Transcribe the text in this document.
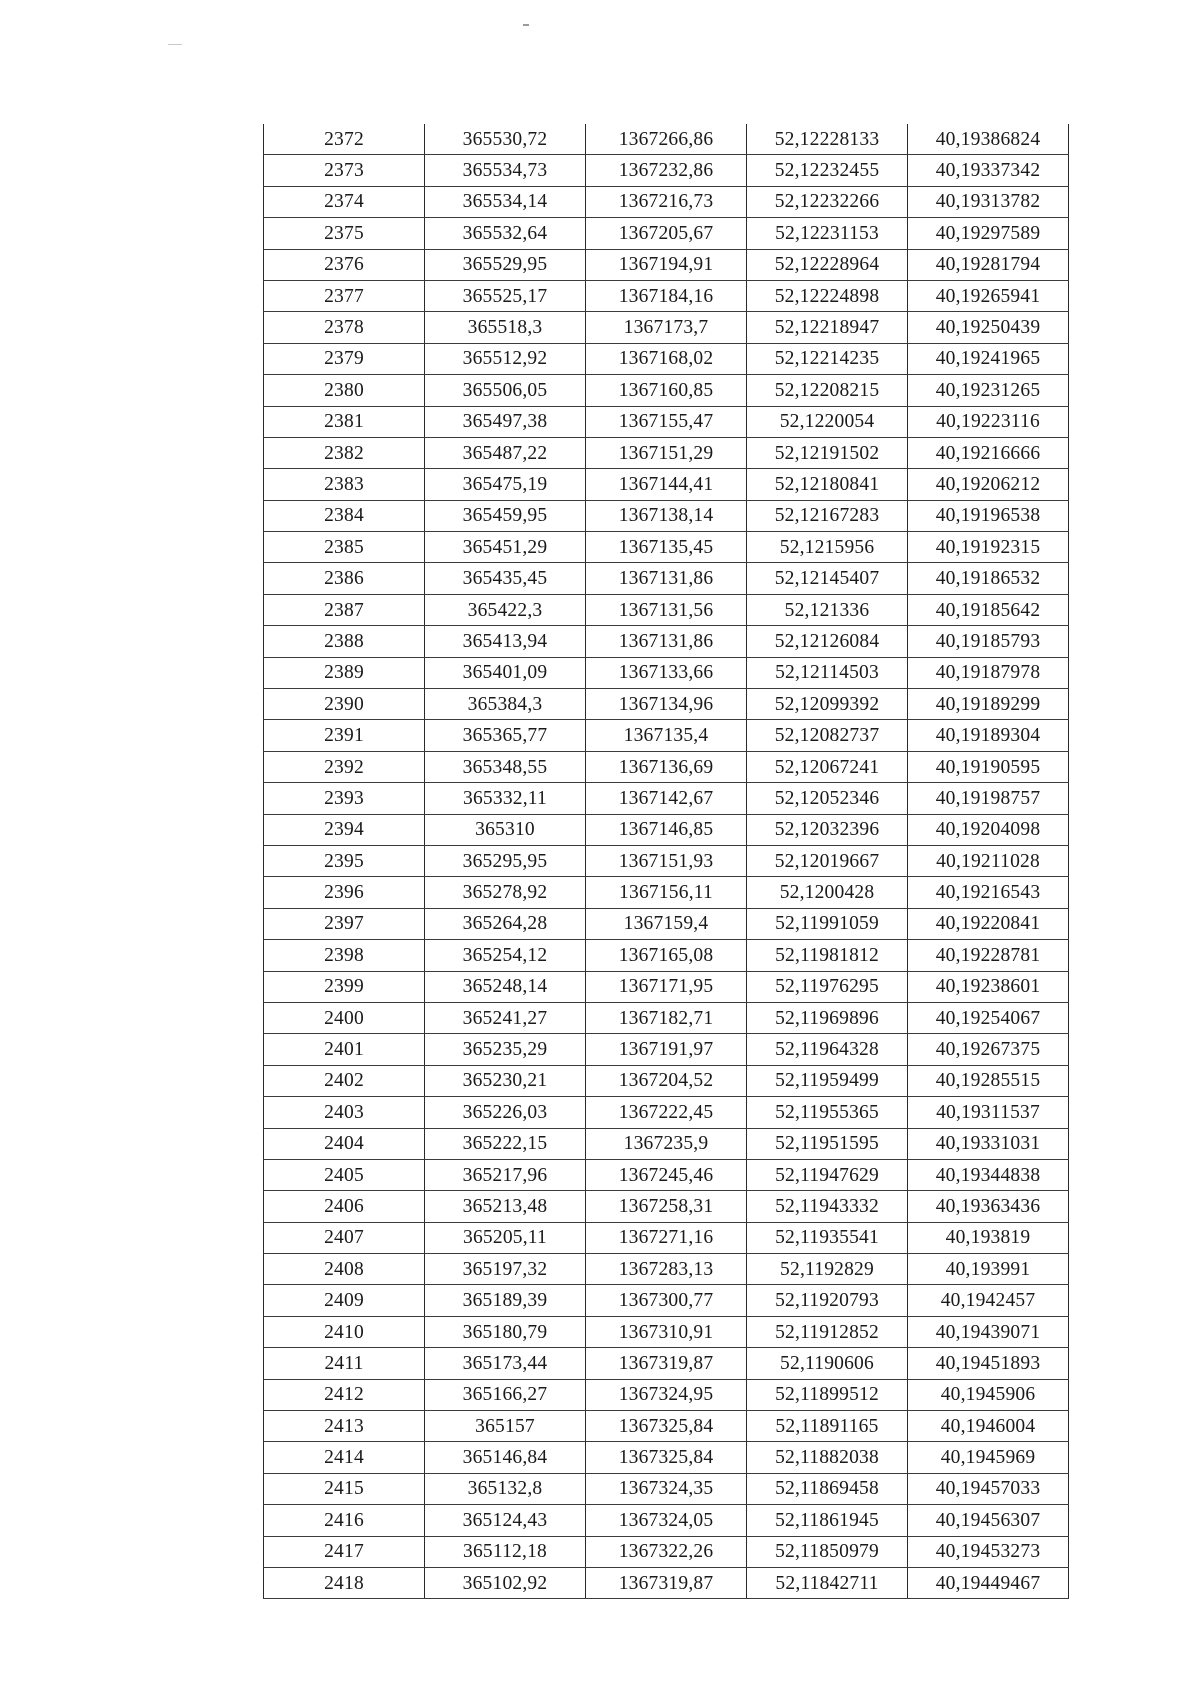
2372	365530,72	1367266,86	52,12228133	40,19386824
2373	365534,73	1367232,86	52,12232455	40,19337342
2374	365534,14	1367216,73	52,12232266	40,19313782
2375	365532,64	1367205,67	52,12231153	40,19297589
2376	365529,95	1367194,91	52,12228964	40,19281794
2377	365525,17	1367184,16	52,12224898	40,19265941
2378	365518,3	1367173,7	52,12218947	40,19250439
2379	365512,92	1367168,02	52,12214235	40,19241965
2380	365506,05	1367160,85	52,12208215	40,19231265
2381	365497,38	1367155,47	52,1220054	40,19223116
2382	365487,22	1367151,29	52,12191502	40,19216666
2383	365475,19	1367144,41	52,12180841	40,19206212
2384	365459,95	1367138,14	52,12167283	40,19196538
2385	365451,29	1367135,45	52,1215956	40,19192315
2386	365435,45	1367131,86	52,12145407	40,19186532
2387	365422,3	1367131,56	52,121336	40,19185642
2388	365413,94	1367131,86	52,12126084	40,19185793
2389	365401,09	1367133,66	52,12114503	40,19187978
2390	365384,3	1367134,96	52,12099392	40,19189299
2391	365365,77	1367135,4	52,12082737	40,19189304
2392	365348,55	1367136,69	52,12067241	40,19190595
2393	365332,11	1367142,67	52,12052346	40,19198757
2394	365310	1367146,85	52,12032396	40,19204098
2395	365295,95	1367151,93	52,12019667	40,19211028
2396	365278,92	1367156,11	52,1200428	40,19216543
2397	365264,28	1367159,4	52,11991059	40,19220841
2398	365254,12	1367165,08	52,11981812	40,19228781
2399	365248,14	1367171,95	52,11976295	40,19238601
2400	365241,27	1367182,71	52,11969896	40,19254067
2401	365235,29	1367191,97	52,11964328	40,19267375
2402	365230,21	1367204,52	52,11959499	40,19285515
2403	365226,03	1367222,45	52,11955365	40,19311537
2404	365222,15	1367235,9	52,11951595	40,19331031
2405	365217,96	1367245,46	52,11947629	40,19344838
2406	365213,48	1367258,31	52,11943332	40,19363436
2407	365205,11	1367271,16	52,11935541	40,193819
2408	365197,32	1367283,13	52,1192829	40,193991
2409	365189,39	1367300,77	52,11920793	40,1942457
2410	365180,79	1367310,91	52,11912852	40,19439071
2411	365173,44	1367319,87	52,1190606	40,19451893
2412	365166,27	1367324,95	52,11899512	40,1945906
2413	365157	1367325,84	52,11891165	40,1946004
2414	365146,84	1367325,84	52,11882038	40,1945969
2415	365132,8	1367324,35	52,11869458	40,19457033
2416	365124,43	1367324,05	52,11861945	40,19456307
2417	365112,18	1367322,26	52,11850979	40,19453273
2418	365102,92	1367319,87	52,11842711	40,19449467
